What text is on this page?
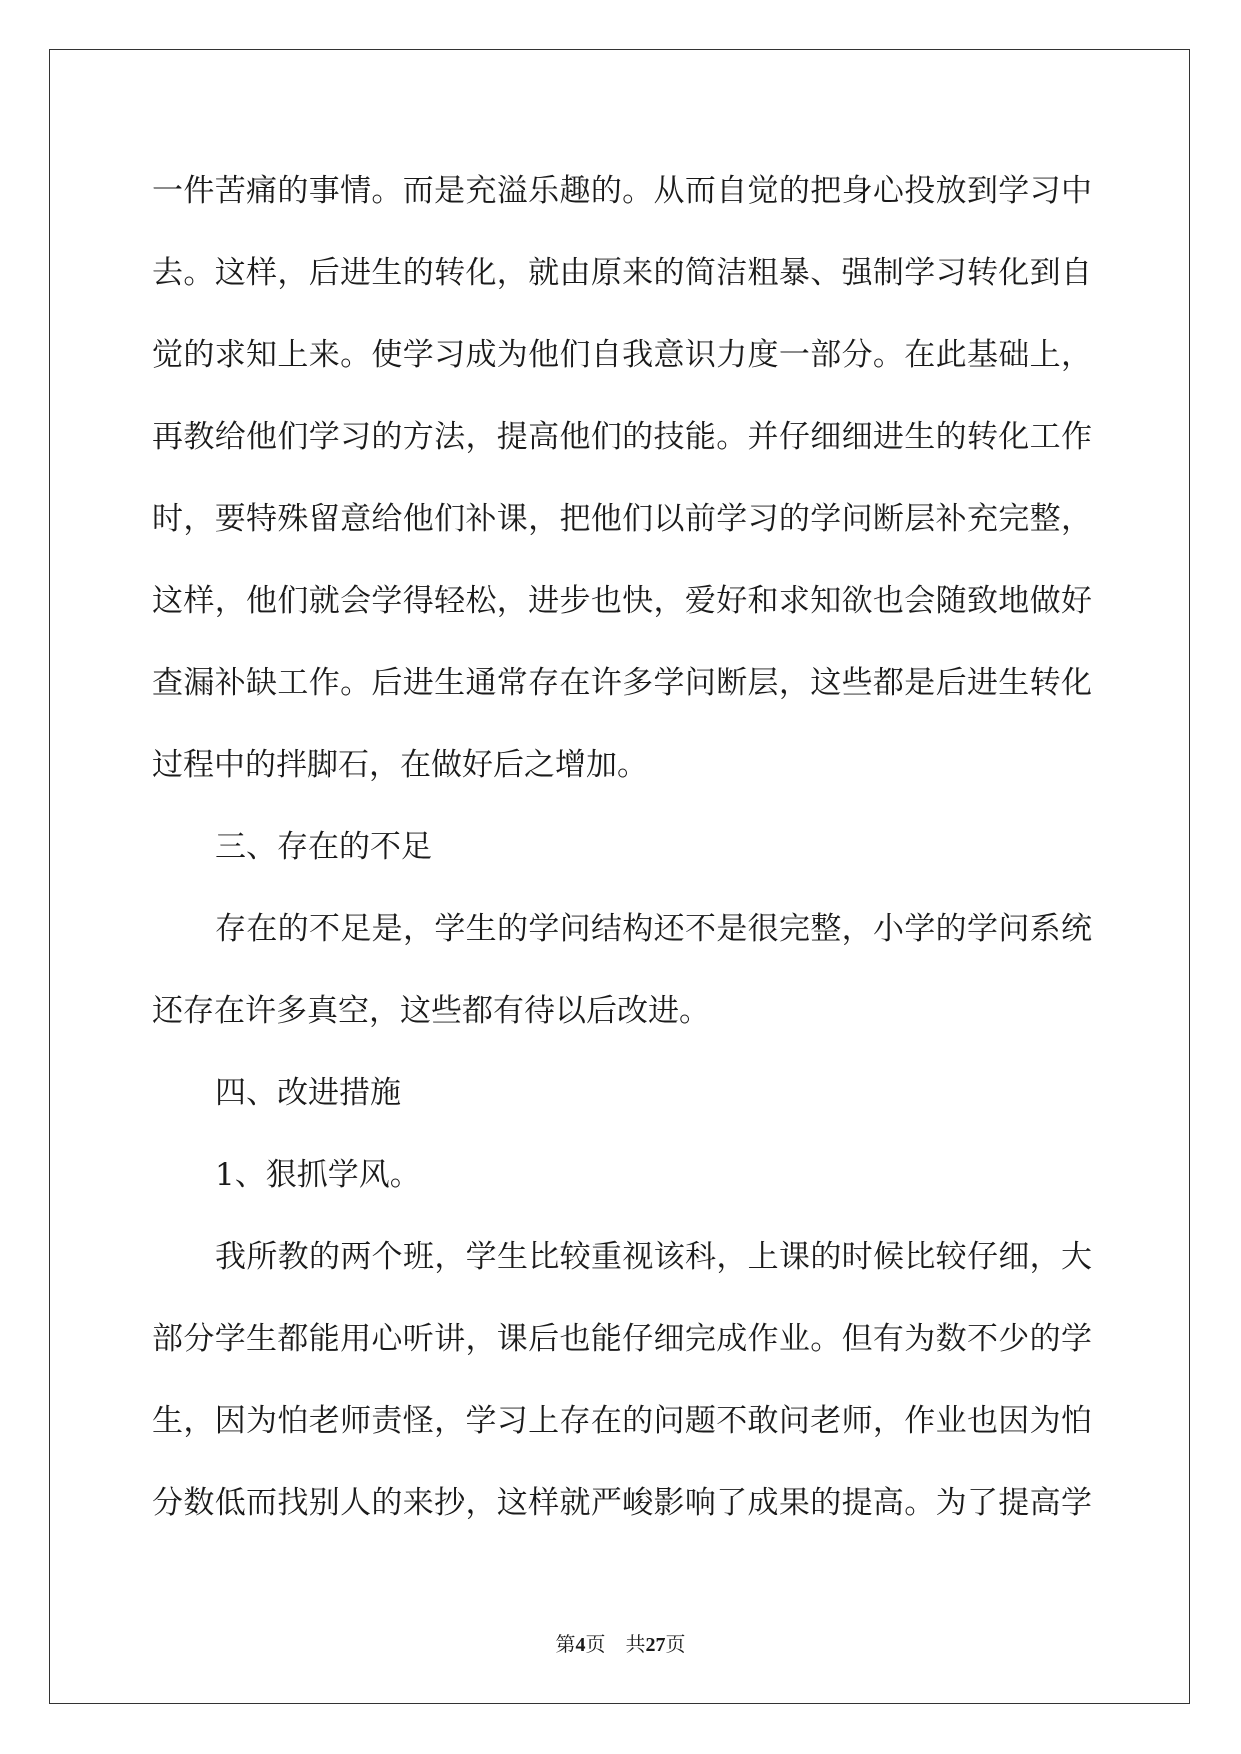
一件苦痛的事情。而是充溢乐趣的。从而自觉的把身心投放到学习中
去。这样，后进生的转化，就由原来的简洁粗暴、强制学习转化到自
觉的求知上来。使学习成为他们自我意识力度一部分。在此基础上，
再教给他们学习的方法，提高他们的技能。并仔细细进生的转化工作
时，要特殊留意给他们补课，把他们以前学习的学问断层补充完整，
这样，他们就会学得轻松，进步也快，爱好和求知欲也会随致地做好
查漏补缺工作。后进生通常存在许多学问断层，这些都是后进生转化
过程中的拌脚石，在做好后之增加。
三、存在的不足
存在的不足是，学生的学问结构还不是很完整，小学的学问系统
还存在许多真空，这些都有待以后改进。
四、改进措施
1、狠抓学风。
我所教的两个班，学生比较重视该科，上课的时候比较仔细，大
部分学生都能用心听讲，课后也能仔细完成作业。但有为数不少的学
生，因为怕老师责怪，学习上存在的问题不敢问老师，作业也因为怕
分数低而找别人的来抄，这样就严峻影响了成果的提高。为了提高学
第4页 共27页
